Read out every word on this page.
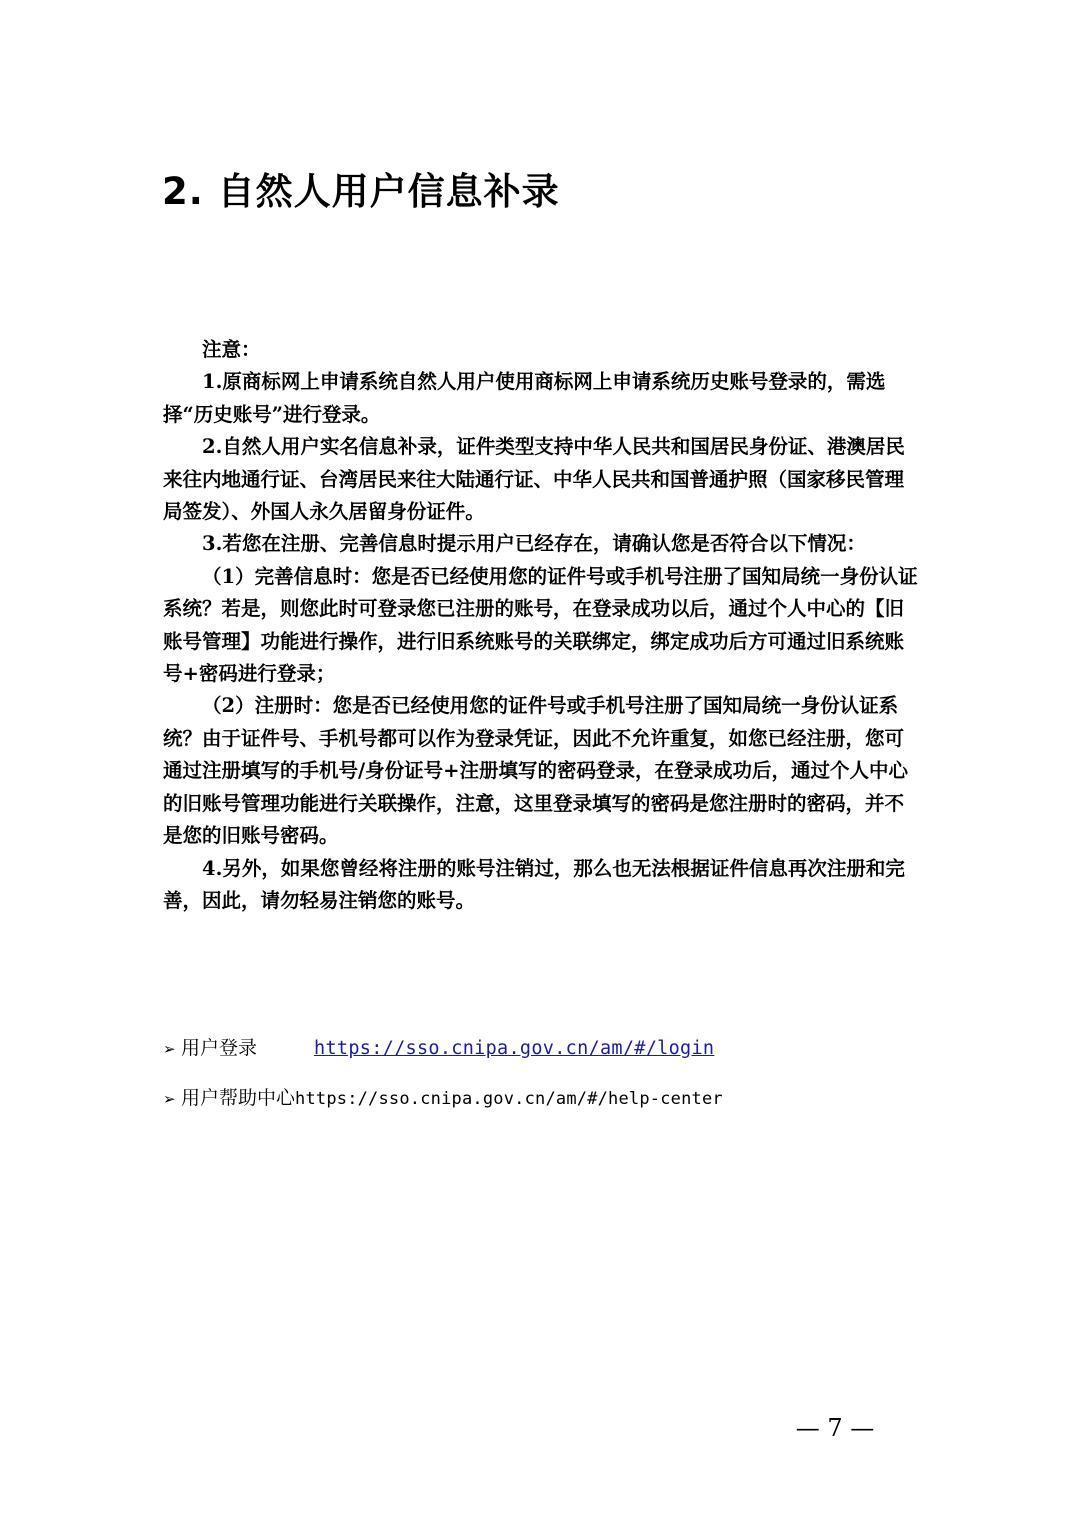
2. 自然人用户信息补录

注意：

1.原商标网上申请系统自然人用户使用商标网上申请系统历史账号登录的，需选择“历史账号”进行登录。

2.自然人用户实名信息补录，证件类型支持中华人民共和国居民身份证、港澳居民来往内地通行证、台湾居民来往大陆通行证、中华人民共和国普通护照（国家移民管理局签发）、外国人永久居留身份证件。

3.若您在注册、完善信息时提示用户已经存在，请确认您是否符合以下情况：

（1）完善信息时：您是否已经使用您的证件号或手机号注册了国知局统一身份认证系统？若是，则您此时可登录您已注册的账号，在登录成功以后，通过个人中心的【旧账号管理】功能进行操作，进行旧系统账号的关联绑定，绑定成功后方可通过旧系统账号+密码进行登录；

（2）注册时：您是否已经使用您的证件号或手机号注册了国知局统一身份认证系统？由于证件号、手机号都可以作为登录凭证，因此不允许重复，如您已经注册，您可通过注册填写的手机号/身份证号+注册填写的密码登录，在登录成功后，通过个人中心的旧账号管理功能进行关联操作，注意，这里登录填写的密码是您注册时的密码，并不是您的旧账号密码。

4.另外，如果您曾经将注册的账号注销过，那么也无法根据证件信息再次注册和完善，因此，请勿轻易注销您的账号。

➢ 用户登录	https://sso.cnipa.gov.cn/am/#/login
➢ 用户帮助中心https://sso.cnipa.gov.cn/am/#/help-center
— 7 —
